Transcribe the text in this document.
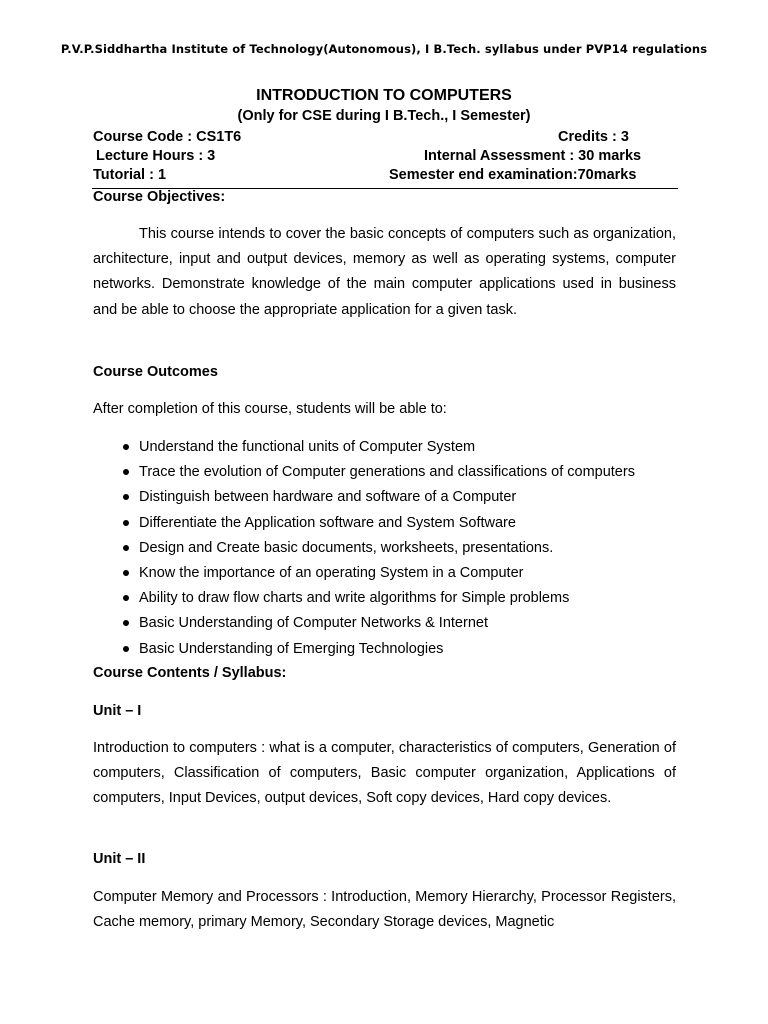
P.V.P.Siddhartha Institute of Technology(Autonomous), I B.Tech. syllabus under PVP14 regulations
INTRODUCTION TO COMPUTERS
(Only for CSE during I B.Tech., I Semester)
Course Code : CS1T6	Credits : 3
Lecture Hours : 3	Internal Assessment : 30 marks
Tutorial : 1	Semester end examination:70marks
Course Objectives:
This course intends to cover the basic concepts of computers such as organization, architecture, input and output devices, memory as well as operating systems, computer networks. Demonstrate knowledge of the main computer applications used in business and be able to choose the appropriate application for a given task.
Course Outcomes
After completion of this course, students will be able to:
Understand the functional units of Computer System
Trace the evolution of Computer generations and classifications of computers
Distinguish between hardware and software of a Computer
Differentiate the Application software and System Software
Design and Create basic documents, worksheets, presentations.
Know the importance of an operating System in a Computer
Ability to draw flow charts and write algorithms for Simple problems
Basic Understanding of Computer Networks & Internet
Basic Understanding of Emerging Technologies
Course Contents / Syllabus:
Unit – I
Introduction to computers : what is a computer, characteristics of computers, Generation of computers, Classification of computers, Basic computer organization, Applications of computers, Input Devices, output devices, Soft copy devices, Hard copy devices.
Unit – II
Computer Memory and Processors : Introduction, Memory Hierarchy, Processor Registers, Cache memory, primary Memory, Secondary Storage devices, Magnetic
